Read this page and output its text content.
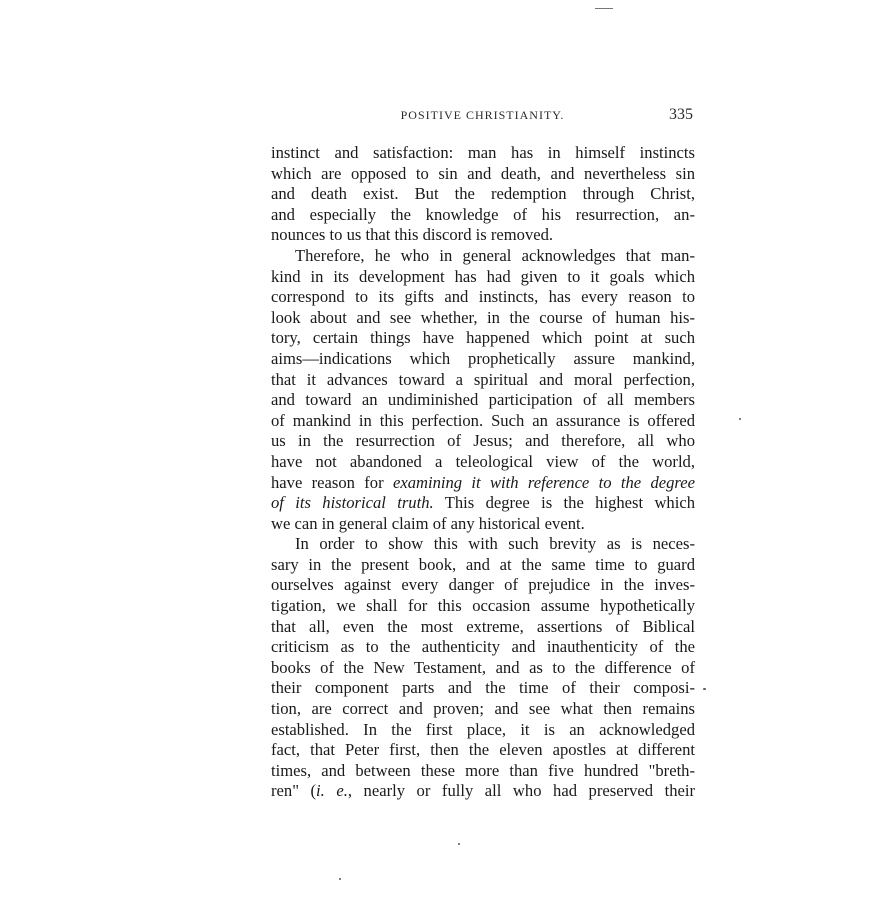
POSITIVE CHRISTIANITY.	335
instinct and satisfaction: man has in himself instincts
which are opposed to sin and death, and nevertheless sin
and death exist. But the redemption through Christ,
and especially the knowledge of his resurrection, an-
nounces to us that this discord is removed.
Therefore, he who in general acknowledges that man-
kind in its development has had given to it goals which
correspond to its gifts and instincts, has every reason to
look about and see whether, in the course of human his-
tory, certain things have happened which point at such
aims—indications which prophetically assure mankind,
that it advances toward a spiritual and moral perfection,
and toward an undiminished participation of all members
of mankind in this perfection. Such an assurance is offered
us in the resurrection of Jesus; and therefore, all who
have not abandoned a teleological view of the world,
have reason for examining it with reference to the degree
of its historical truth. This degree is the highest which
we can in general claim of any historical event.
In order to show this with such brevity as is neces-
sary in the present book, and at the same time to guard
ourselves against every danger of prejudice in the inves-
tigation, we shall for this occasion assume hypothetically
that all, even the most extreme, assertions of Biblical
criticism as to the authenticity and inauthenticity of the
books of the New Testament, and as to the difference of
their component parts and the time of their composi-
tion, are correct and proven; and see what then remains
established. In the first place, it is an acknowledged
fact, that Peter first, then the eleven apostles at different
times, and between these more than five hundred "breth-
ren" (i. e., nearly or fully all who had preserved their
